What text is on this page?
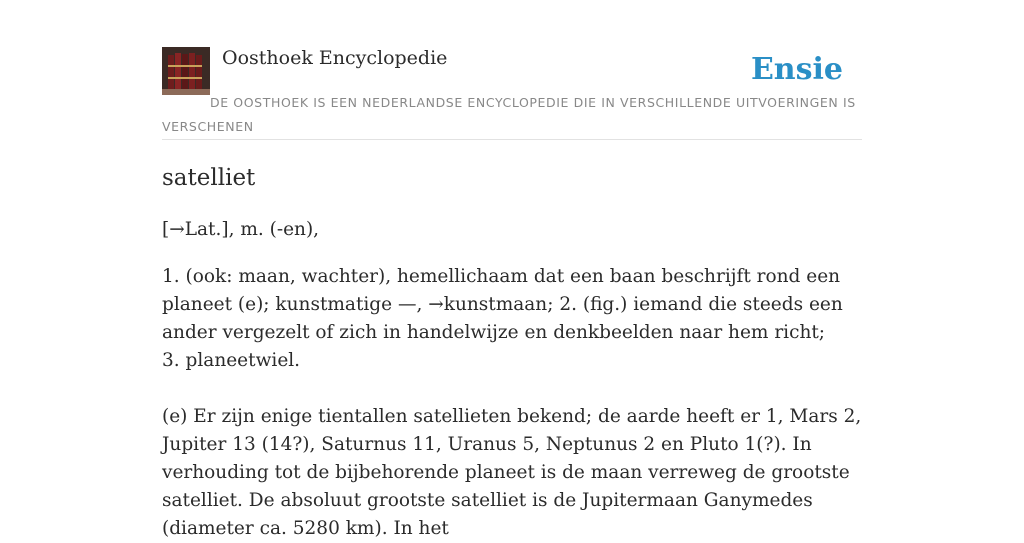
Oosthoek Encyclopedie	Ensie
DE OOSTHOEK IS EEN NEDERLANDSE ENCYCLOPEDIE DIE IN VERSCHILLENDE UITVOERINGEN IS VERSCHENEN
satelliet
[→Lat.], m. (-en),

1. (ook: maan, wachter), hemellichaam dat een baan beschrijft rond een planeet (e); kunstmatige —, →kunstmaan; 2. (fig.) iemand die steeds een ander vergezelt of zich in handelwijze en denkbeelden naar hem richt;

3. planeetwiel.

(e) Er zijn enige tientallen satellieten bekend; de aarde heeft er 1, Mars 2, Jupiter 13 (14?), Saturnus 11, Uranus 5, Neptunus 2 en Pluto 1(?). In verhouding tot de bijbehorende planeet is de maan verreweg de grootste satelliet. De absoluut grootste satelliet is de Jupitermaan Ganymedes (diameter ca. 5280 km). In het
